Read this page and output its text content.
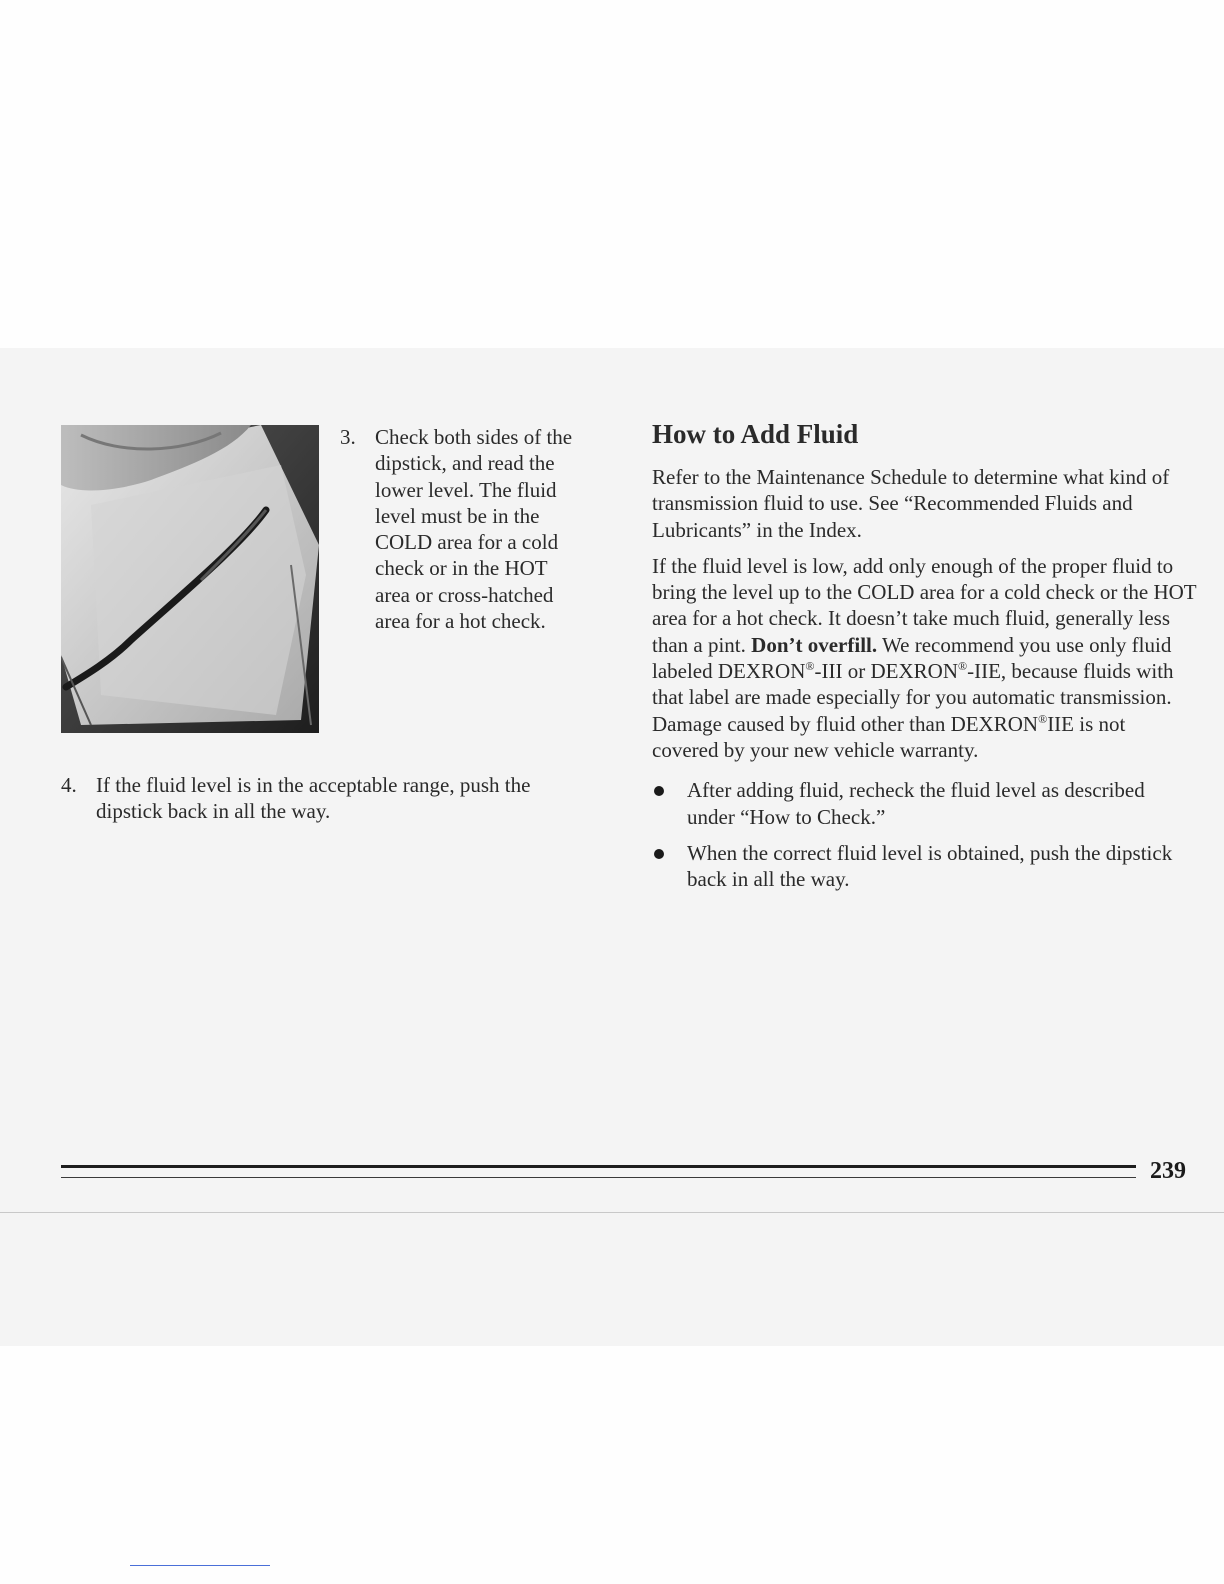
3. Check both sides of the dipstick, and read the lower level. The fluid level must be in the COLD area for a cold check or in the HOT area or cross-hatched area for a hot check.
4. If the fluid level is in the acceptable range, push the dipstick back in all the way.
How to Add Fluid

Refer to the Maintenance Schedule to determine what kind of transmission fluid to use. See “Recommended Fluids and Lubricants” in the Index.

If the fluid level is low, add only enough of the proper fluid to bring the level up to the COLD area for a cold check or the HOT area for a hot check. It doesn’t take much fluid, generally less than a pint. Don’t overfill. We recommend you use only fluid labeled DEXRON®-III or DEXRON®-IIE, because fluids with that label are made especially for you automatic transmission. Damage caused by fluid other than DEXRON®IIE is not covered by your new vehicle warranty.

After adding fluid, recheck the fluid level as described under “How to Check.”
When the correct fluid level is obtained, push the dipstick back in all the way.
239
